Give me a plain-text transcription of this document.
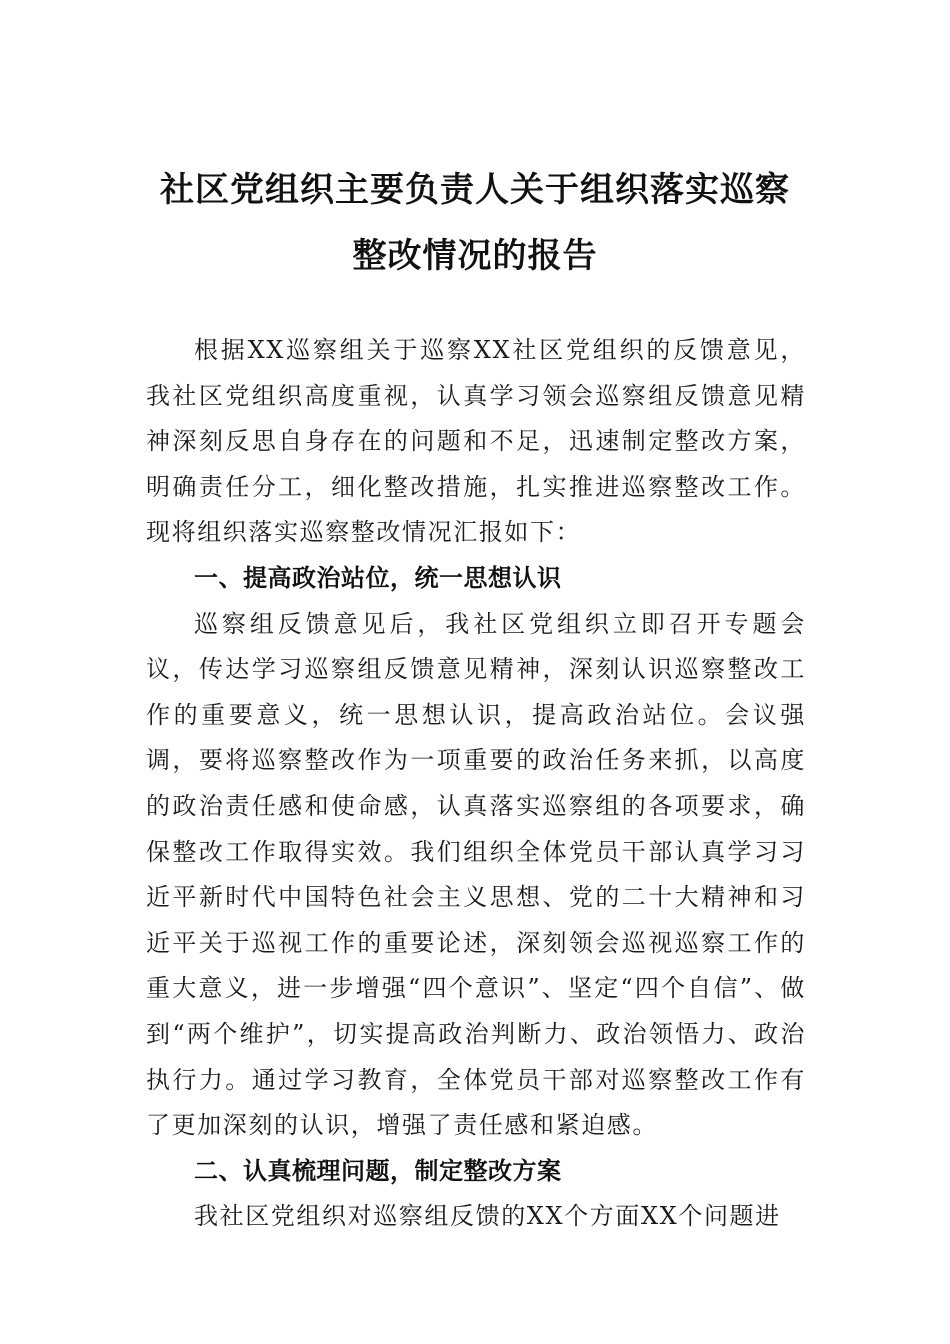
社区党组织主要负责人关于组织落实巡察
整改情况的报告

根据XX巡察组关于巡察XX社区党组织的反馈意见，我社区党组织高度重视，认真学习领会巡察组反馈意见精神深刻反思自身存在的问题和不足，迅速制定整改方案，明确责任分工，细化整改措施，扎实推进巡察整改工作。现将组织落实巡察整改情况汇报如下：

一、提高政治站位，统一思想认识

巡察组反馈意见后，我社区党组织立即召开专题会议，传达学习巡察组反馈意见精神，深刻认识巡察整改工作的重要意义，统一思想认识，提高政治站位。会议强调，要将巡察整改作为一项重要的政治任务来抓，以高度的政治责任感和使命感，认真落实巡察组的各项要求，确保整改工作取得实效。我们组织全体党员干部认真学习习近平新时代中国特色社会主义思想、党的二十大精神和习近平关于巡视工作的重要论述，深刻领会巡视巡察工作的重大意义，进一步增强“四个意识”、坚定“四个自信”、做到“两个维护”，切实提高政治判断力、政治领悟力、政治执行力。通过学习教育，全体党员干部对巡察整改工作有了更加深刻的认识，增强了责任感和紧迫感。

二、认真梳理问题，制定整改方案

我社区党组织对巡察组反馈的XX个方面XX个问题进
